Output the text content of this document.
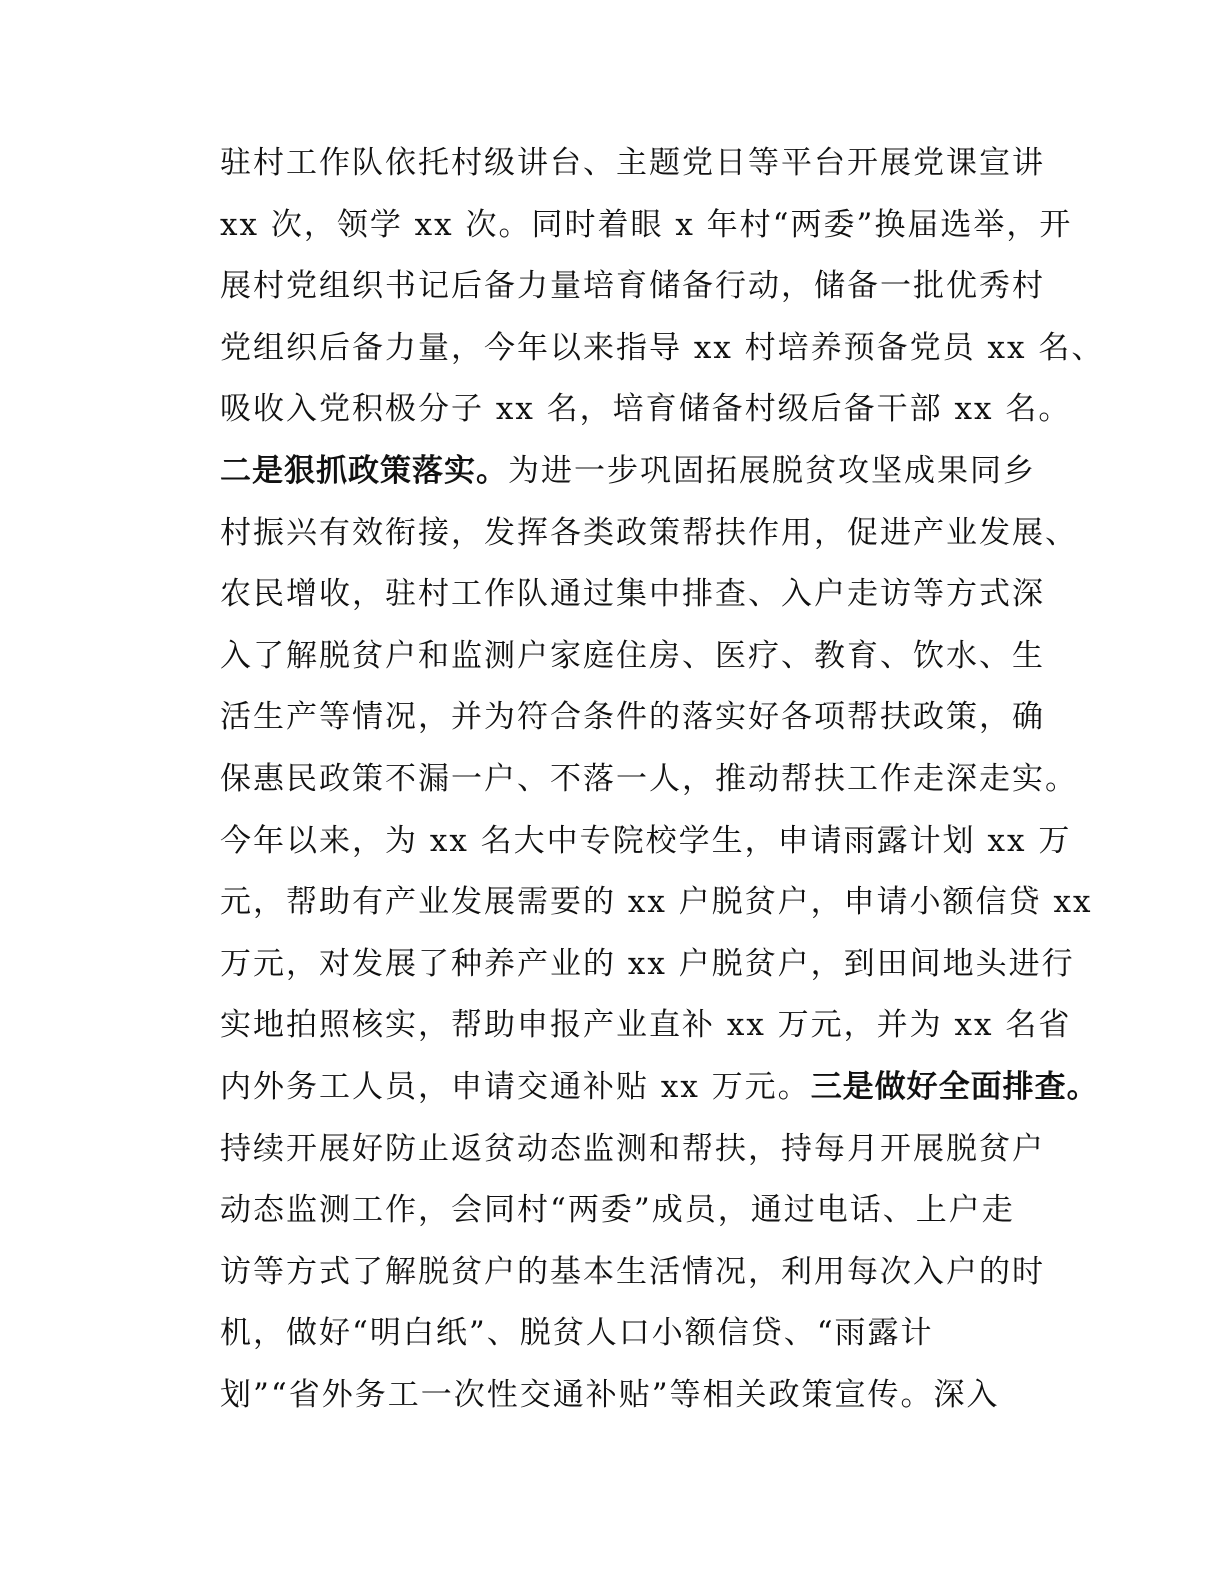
驻村工作队依托村级讲台、主题党日等平台开展党课宣讲
xx 次，领学 xx 次。同时着眼 x 年村“两委”换届选举，开
展村党组织书记后备力量培育储备行动，储备一批优秀村
党组织后备力量，今年以来指导 xx 村培养预备党员 xx 名、
吸收入党积极分子 xx 名，培育储备村级后备干部 xx 名。
二是狠抓政策落实。为进一步巩固拓展脱贫攻坚成果同乡
村振兴有效衔接，发挥各类政策帮扶作用，促进产业发展、
农民增收，驻村工作队通过集中排查、入户走访等方式深
入了解脱贫户和监测户家庭住房、医疗、教育、饮水、生
活生产等情况，并为符合条件的落实好各项帮扶政策，确
保惠民政策不漏一户、不落一人，推动帮扶工作走深走实。
今年以来，为 xx 名大中专院校学生，申请雨露计划 xx 万
元，帮助有产业发展需要的 xx 户脱贫户，申请小额信贷 xx
万元，对发展了种养产业的 xx 户脱贫户，到田间地头进行
实地拍照核实，帮助申报产业直补 xx 万元，并为 xx 名省
内外务工人员，申请交通补贴 xx 万元。三是做好全面排查。
持续开展好防止返贫动态监测和帮扶，持每月开展脱贫户
动态监测工作，会同村“两委”成员，通过电话、上户走
访等方式了解脱贫户的基本生活情况，利用每次入户的时
机，做好“明白纸”、脱贫人口小额信贷、“雨露计
划”“省外务工一次性交通补贴”等相关政策宣传。深入
